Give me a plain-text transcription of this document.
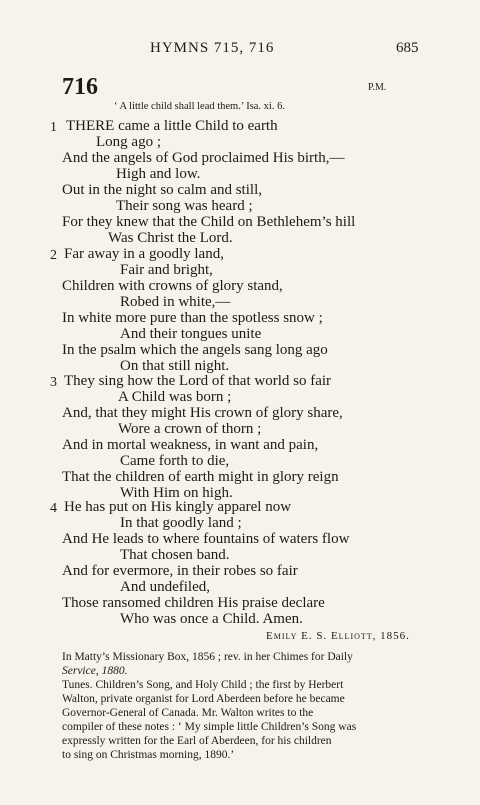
HYMNS 715, 716	685
716	P.M.
‘ A little child shall lead them.’ Isa. xi. 6.
1 THERE came a little Child to earth
Long ago ;
And the angels of God proclaimed His birth,—
High and low.
Out in the night so calm and still,
Their song was heard ;
For they knew that the Child on Bethlehem’s hill
Was Christ the Lord.
2 Far away in a goodly land,
Fair and bright,
Children with crowns of glory stand,
Robed in white,—
In white more pure than the spotless snow ;
And their tongues unite
In the psalm which the angels sang long ago
On that still night.
3 They sing how the Lord of that world so fair
A Child was born ;
And, that they might His crown of glory share,
Wore a crown of thorn ;
And in mortal weakness, in want and pain,
Came forth to die,
That the children of earth might in glory reign
With Him on high.
4 He has put on His kingly apparel now
In that goodly land ;
And He leads to where fountains of waters flow
That chosen band.
And for evermore, in their robes so fair
And undefiled,
Those ransomed children His praise declare
Who was once a Child. Amen.
Emily E. S. Elliott, 1856.
In Matty’s Missionary Box, 1856 ; rev. in her Chimes for Daily
Service, 1880.
Tunes. Children’s Song, and Holy Child ; the first by Herbert
Walton, private organist for Lord Aberdeen before he became
Governor-General of Canada. Mr. Walton writes to the
compiler of these notes : ‘ My simple little Children’s Song was
expressly written for the Earl of Aberdeen, for his children
to sing on Christmas morning, 1890.’
